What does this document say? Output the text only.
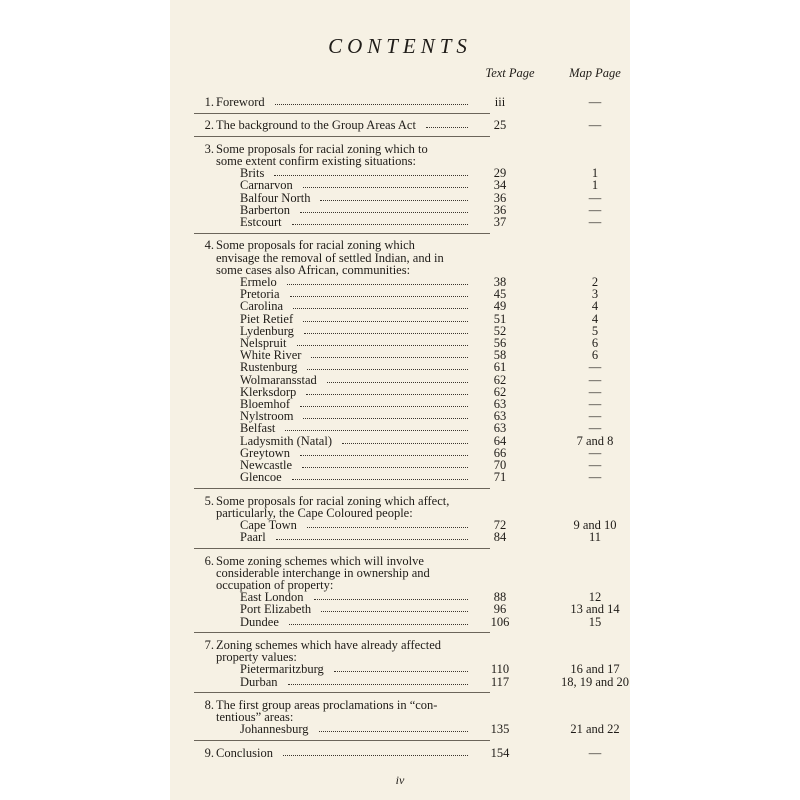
CONTENTS
Text Page	Map Page
1. Foreword	iii	—
2. The background to the Group Areas Act	25	—
3. Some proposals for racial zoning which to
some extent confirm existing situations:
Brits	29	1
Carnarvon	34	1
Balfour North	36	—
Barberton	36	—
Estcourt	37	—
4. Some proposals for racial zoning which
envisage the removal of settled Indian, and in
some cases also African, communities:
Ermelo	38	2
Pretoria	45	3
Carolina	49	4
Piet Retief	51	4
Lydenburg	52	5
Nelspruit	56	6
White River	58	6
Rustenburg	61	—
Wolmaransstad	62	—
Klerksdorp	62	—
Bloemhof	63	—
Nylstroom	63	—
Belfast	63	—
Ladysmith (Natal)	64	7 and 8
Greytown	66	—
Newcastle	70	—
Glencoe	71	—
5. Some proposals for racial zoning which affect,
particularly, the Cape Coloured people:
Cape Town	72	9 and 10
Paarl	84	11
6. Some zoning schemes which will involve
considerable interchange in ownership and
occupation of property:
East London	88	12
Port Elizabeth	96	13 and 14
Dundee	106	15
7. Zoning schemes which have already affected
property values:
Pietermaritzburg	110	16 and 17
Durban	117	18, 19 and 20
8. The first group areas proclamations in “con-
tentious” areas:
Johannesburg	135	21 and 22
9. Conclusion	154	—
iv
